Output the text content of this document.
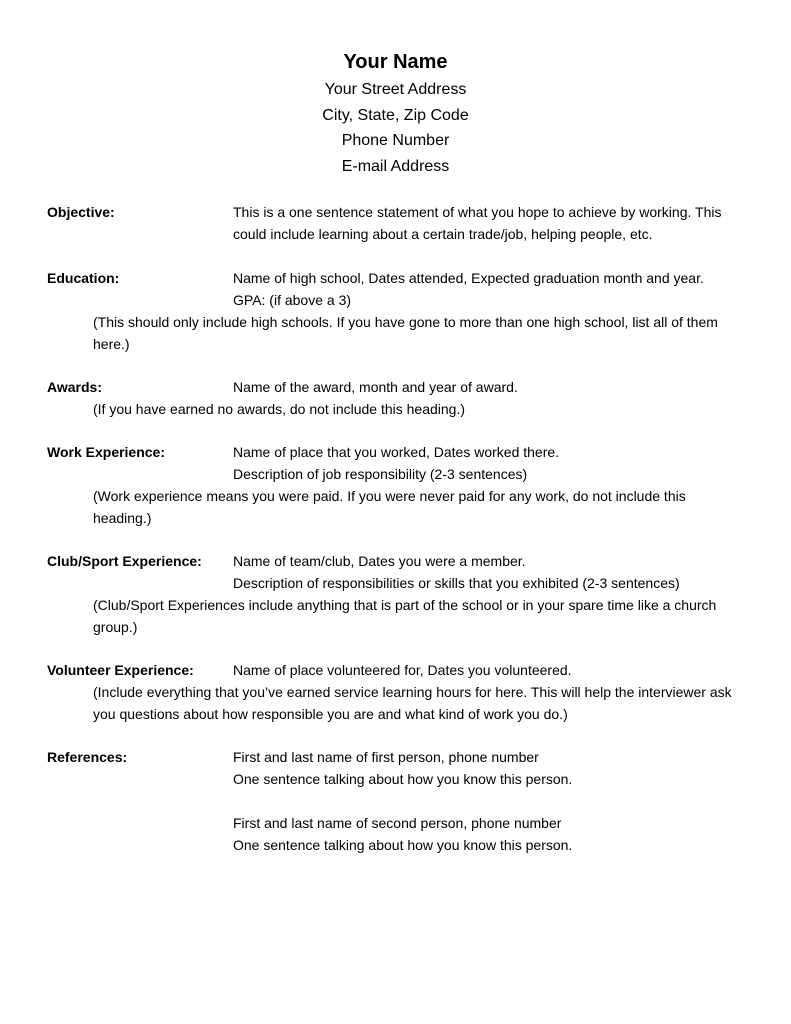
Your Name
Your Street Address
City, State, Zip Code
Phone Number
E-mail Address
Objective:	This is a one sentence statement of what you hope to achieve by working. This
could include learning about a certain trade/job, helping people, etc.
Education:	Name of high school, Dates attended, Expected graduation month and year.
GPA: (if above a 3)
(This should only include high schools. If you have gone to more than one high school, list all of them here.)
Awards:	Name of the award, month and year of award.
(If you have earned no awards, do not include this heading.)
Work Experience:	Name of place that you worked, Dates worked there.
Description of job responsibility (2-3 sentences)
(Work experience means you were paid. If you were never paid for any work, do not include this heading.)
Club/Sport Experience: Name of team/club, Dates you were a member.
Description of responsibilities or skills that you exhibited (2-3 sentences)
(Club/Sport Experiences include anything that is part of the school or in your spare time like a church group.)
Volunteer Experience:	Name of place volunteered for, Dates you volunteered.
(Include everything that you’ve earned service learning hours for here. This will help the interviewer ask you questions about how responsible you are and what kind of work you do.)
References:	First and last name of first person, phone number
One sentence talking about how you know this person.
First and last name of second person, phone number
One sentence talking about how you know this person.
